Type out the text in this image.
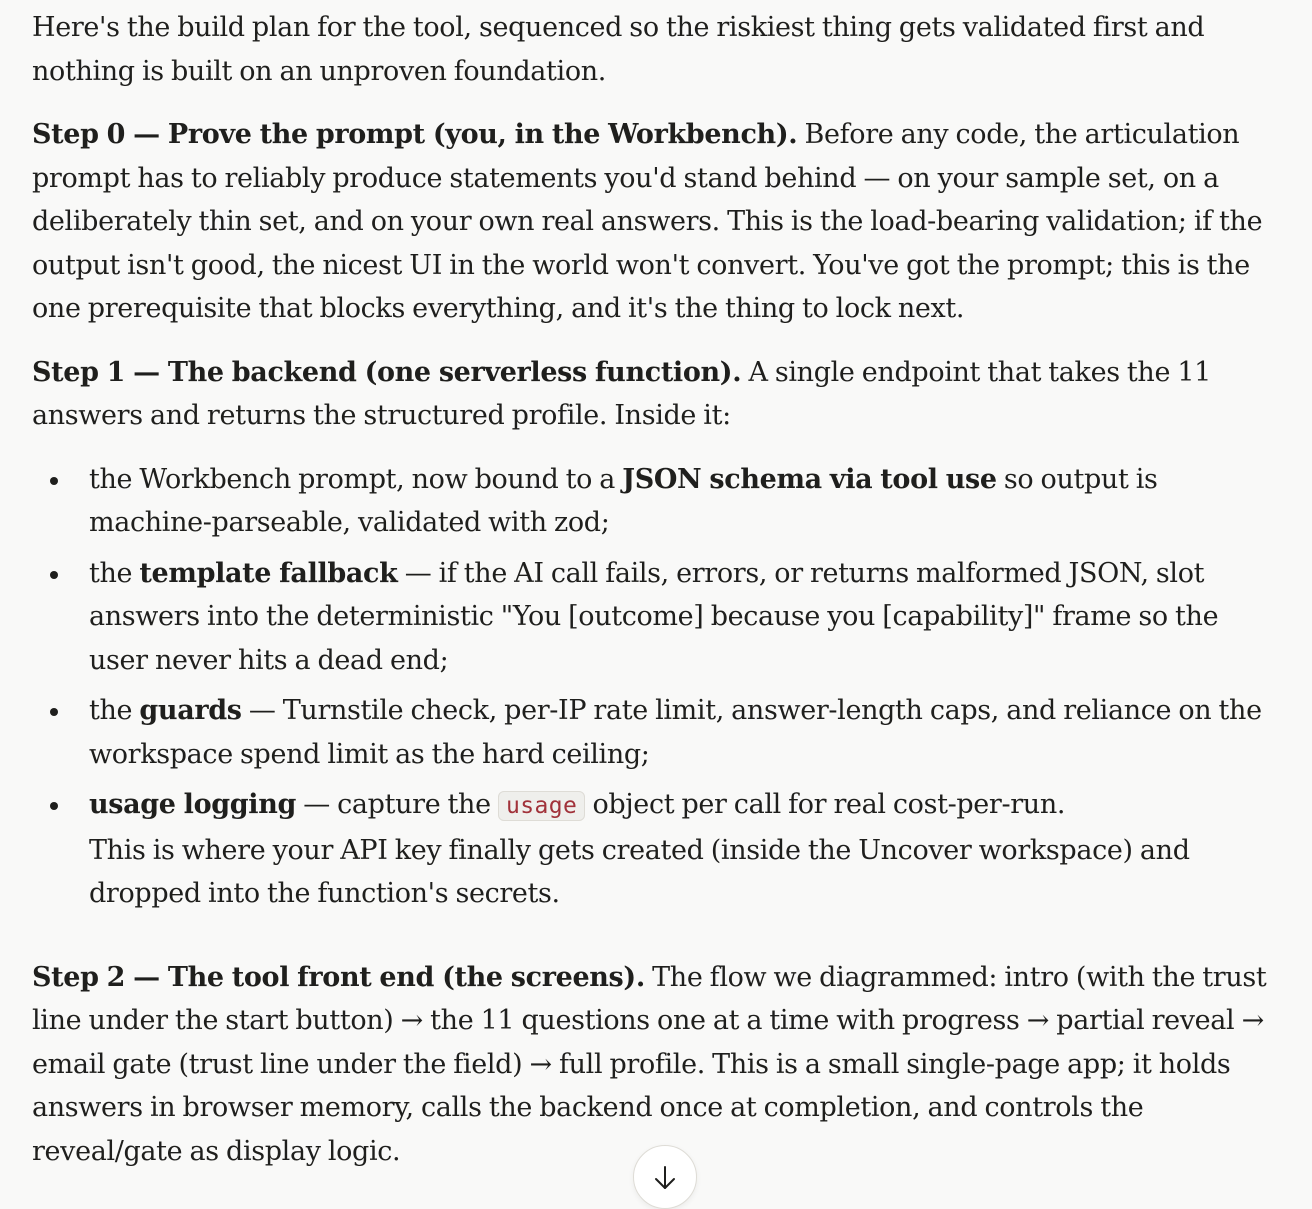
Here's the build plan for the tool, sequenced so the riskiest thing gets validated first and nothing is built on an unproven foundation.

Step 0 — Prove the prompt (you, in the Workbench). Before any code, the articulation prompt has to reliably produce statements you'd stand behind — on your sample set, on a deliberately thin set, and on your own real answers. This is the load-bearing validation; if the output isn't good, the nicest UI in the world won't convert. You've got the prompt; this is the one prerequisite that blocks everything, and it's the thing to lock next.

Step 1 — The backend (one serverless function). A single endpoint that takes the 11 answers and returns the structured profile. Inside it:

the Workbench prompt, now bound to a JSON schema via tool use so output is machine-parseable, validated with zod;
the template fallback — if the AI call fails, errors, or returns malformed JSON, slot answers into the deterministic "You [outcome] because you [capability]" frame so the user never hits a dead end;
the guards — Turnstile check, per-IP rate limit, answer-length caps, and reliance on the workspace spend limit as the hard ceiling;
usage logging — capture the usage object per call for real cost-per-run.
This is where your API key finally gets created (inside the Uncover workspace) and dropped into the function's secrets.

Step 2 — The tool front end (the screens). The flow we diagrammed: intro (with the trust line under the start button) → the 11 questions one at a time with progress → partial reveal → email gate (trust line under the field) → full profile. This is a small single-page app; it holds answers in browser memory, calls the backend once at completion, and controls the reveal/gate as display logic.
